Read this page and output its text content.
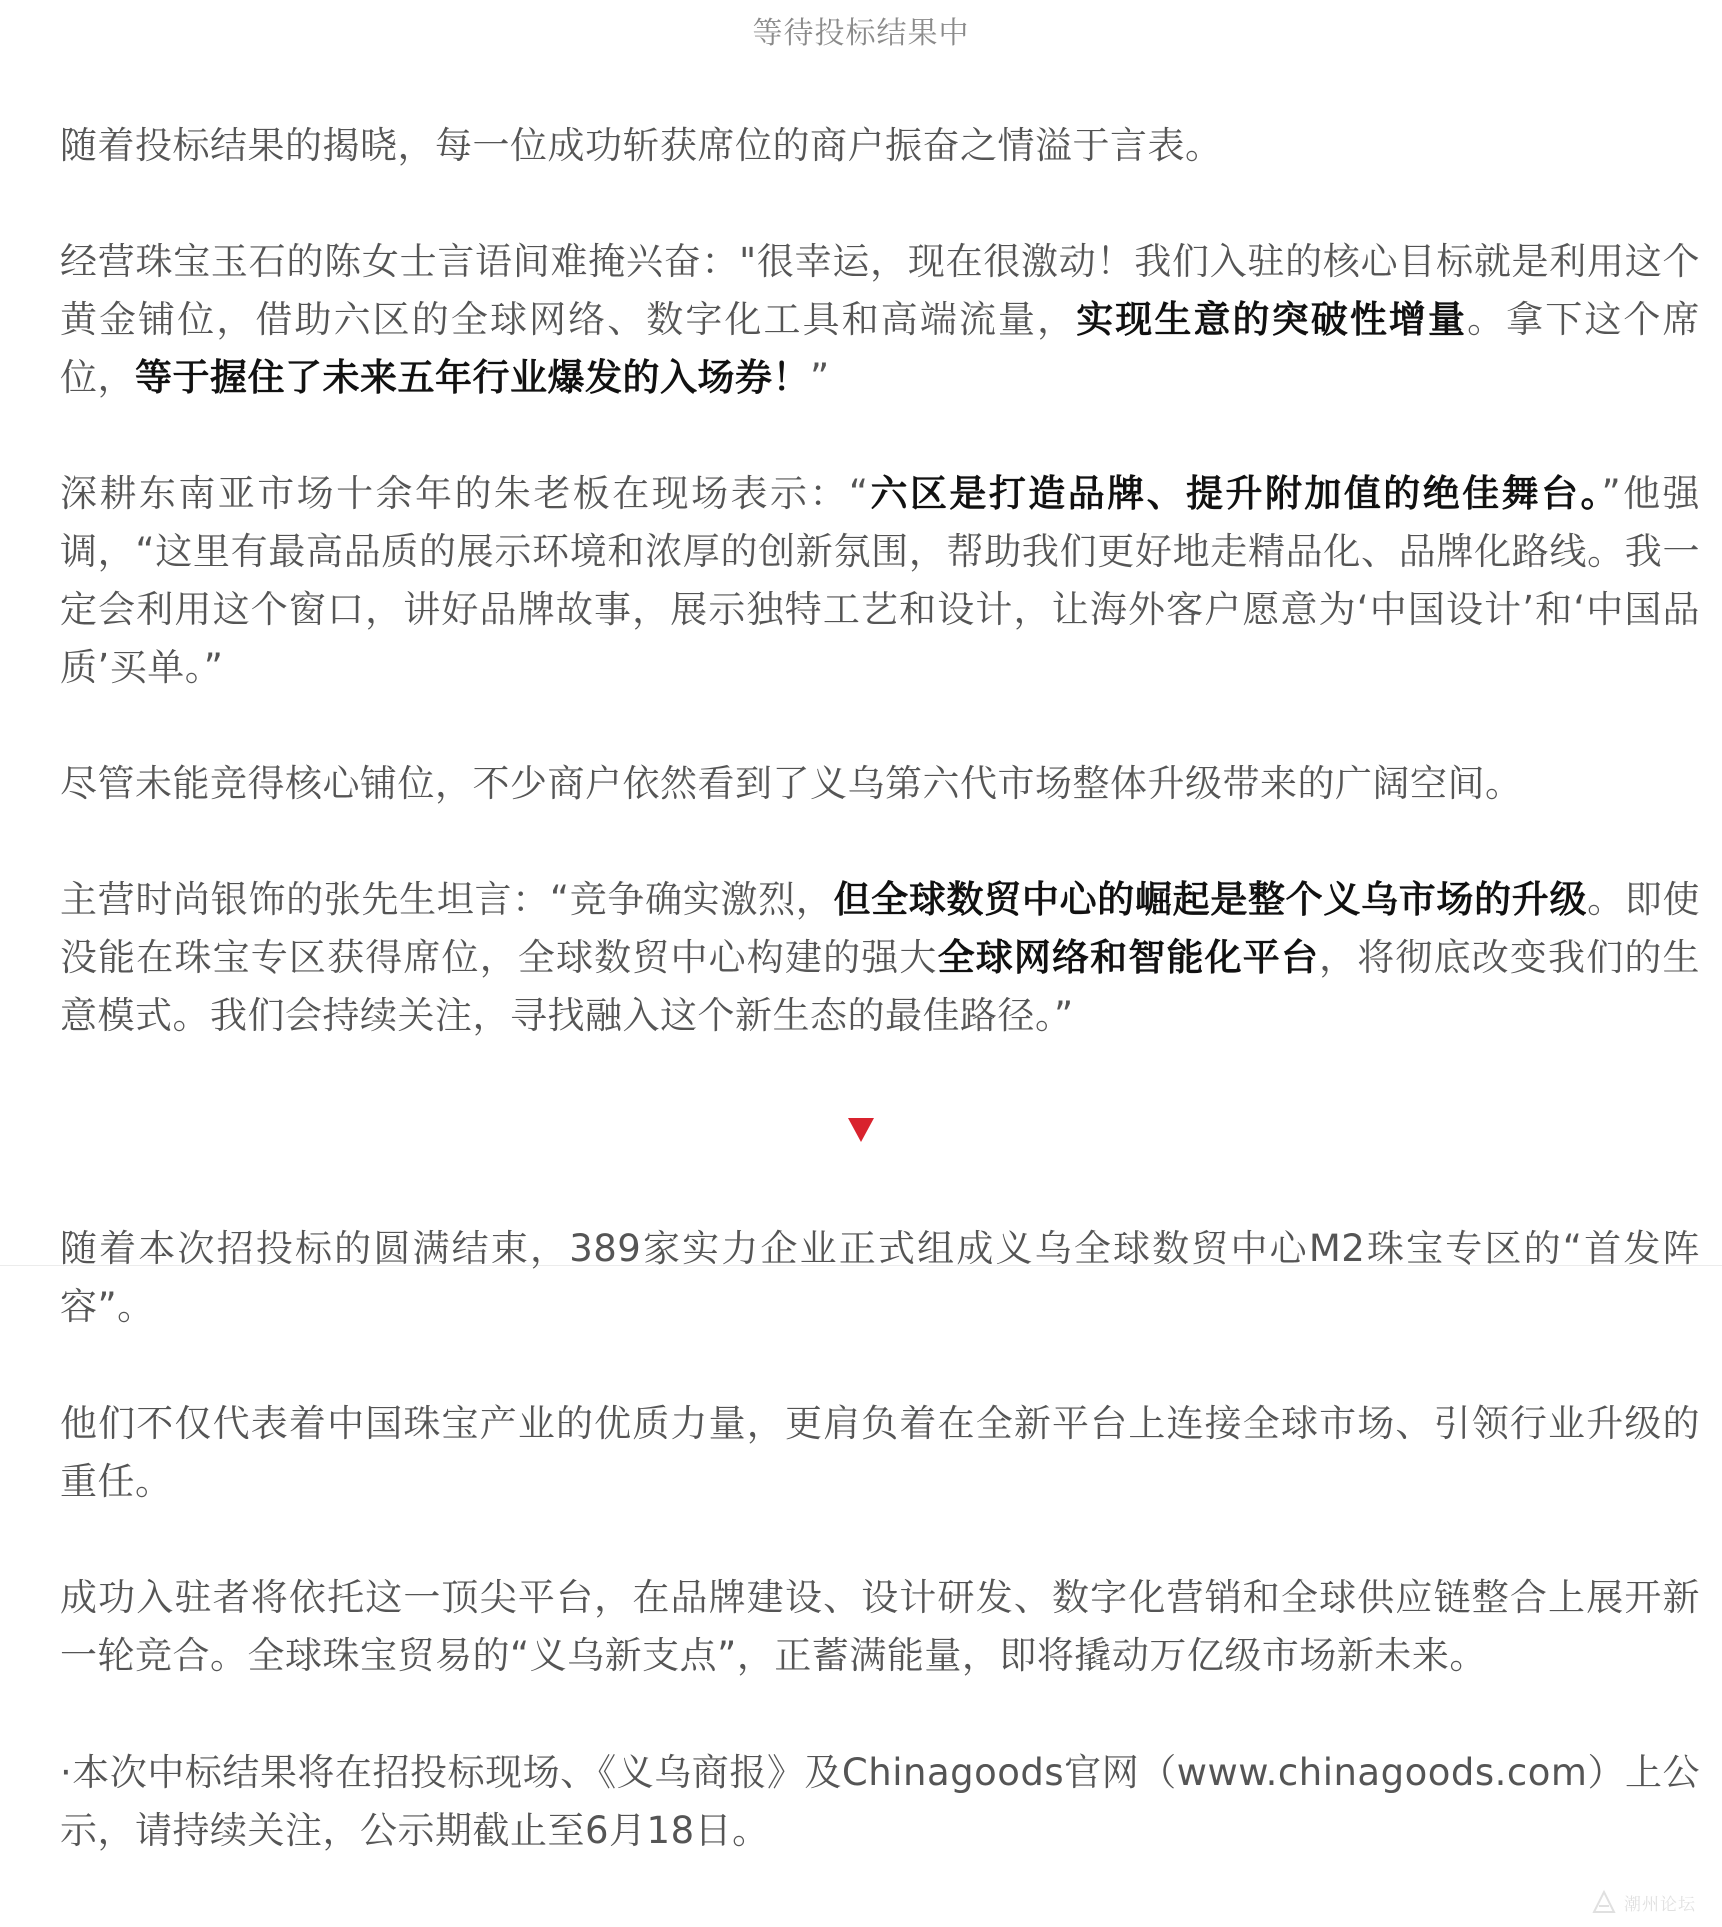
等待投标结果中

随着投标结果的揭晓，每一位成功斩获席位的商户振奋之情溢于言表。

经营珠宝玉石的陈女士言语间难掩兴奋："很幸运，现在很激动！我们入驻的核心目标就是利用这个黄金铺位，借助六区的全球网络、数字化工具和高端流量，实现生意的突破性增量。拿下这个席位，等于握住了未来五年行业爆发的入场券！”

深耕东南亚市场十余年的朱老板在现场表示：“六区是打造品牌、提升附加值的绝佳舞台。”他强调，“这里有最高品质的展示环境和浓厚的创新氛围，帮助我们更好地走精品化、品牌化路线。我一定会利用这个窗口，讲好品牌故事，展示独特工艺和设计，让海外客户愿意为‘中国设计’和‘中国品质’买单。”

尽管未能竞得核心铺位，不少商户依然看到了义乌第六代市场整体升级带来的广阔空间。

主营时尚银饰的张先生坦言：“竞争确实激烈，但全球数贸中心的崛起是整个义乌市场的升级。即使没能在珠宝专区获得席位，全球数贸中心构建的强大全球网络和智能化平台，将彻底改变我们的生意模式。我们会持续关注，寻找融入这个新生态的最佳路径。”

随着本次招投标的圆满结束，389家实力企业正式组成义乌全球数贸中心M2珠宝专区的“首发阵容”。

他们不仅代表着中国珠宝产业的优质力量，更肩负着在全新平台上连接全球市场、引领行业升级的重任。

成功入驻者将依托这一顶尖平台，在品牌建设、设计研发、数字化营销和全球供应链整合上展开新一轮竞合。全球珠宝贸易的“义乌新支点”，正蓄满能量，即将撬动万亿级市场新未来。

·本次中标结果将在招投标现场、《义乌商报》及Chinagoods官网（www.chinagoods.com）上公示，请持续关注，公示期截止至6月18日。

潮州论坛
